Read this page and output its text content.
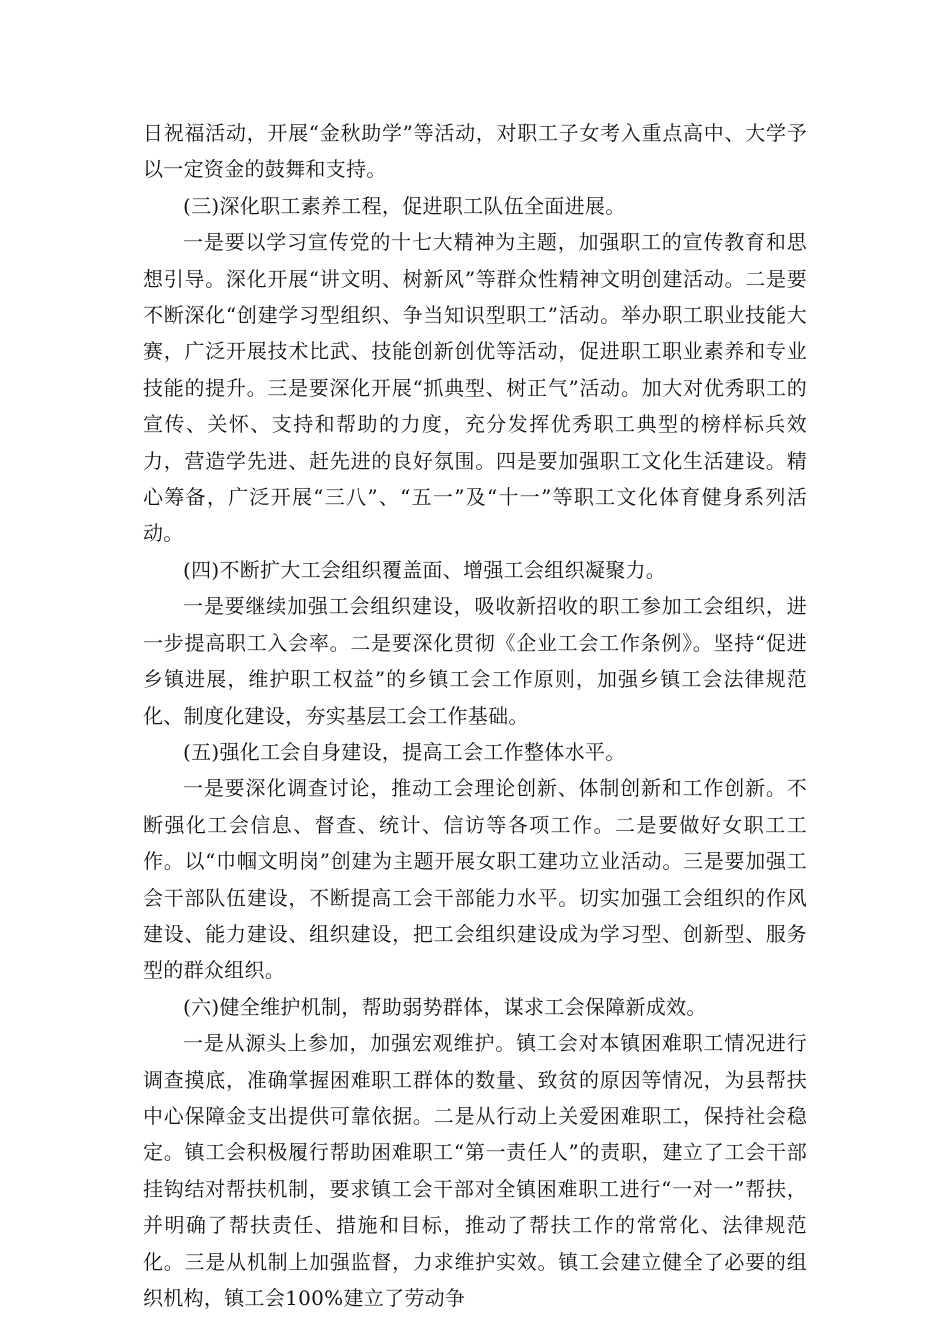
日祝福活动，开展“金秋助学”等活动，对职工子女考入重点高中、大学予以一定资金的鼓舞和支持。

(三)深化职工素养工程，促进职工队伍全面进展。

一是要以学习宣传党的十七大精神为主题，加强职工的宣传教育和思想引导。深化开展“讲文明、树新风”等群众性精神文明创建活动。二是要不断深化“创建学习型组织、争当知识型职工”活动。举办职工职业技能大赛，广泛开展技术比武、技能创新创优等活动，促进职工职业素养和专业技能的提升。三是要深化开展“抓典型、树正气”活动。加大对优秀职工的宣传、关怀、支持和帮助的力度，充分发挥优秀职工典型的榜样标兵效力，营造学先进、赶先进的良好氛围。四是要加强职工文化生活建设。精心筹备，广泛开展“三八”、“五一”及“十一”等职工文化体育健身系列活动。

(四)不断扩大工会组织覆盖面、增强工会组织凝聚力。

一是要继续加强工会组织建设，吸收新招收的职工参加工会组织，进一步提高职工入会率。二是要深化贯彻《企业工会工作条例》。坚持“促进乡镇进展，维护职工权益”的乡镇工会工作原则，加强乡镇工会法律规范化、制度化建设，夯实基层工会工作基础。

(五)强化工会自身建设，提高工会工作整体水平。

一是要深化调查讨论，推动工会理论创新、体制创新和工作创新。不断强化工会信息、督查、统计、信访等各项工作。二是要做好女职工工作。以“巾帼文明岗”创建为主题开展女职工建功立业活动。三是要加强工会干部队伍建设，不断提高工会干部能力水平。切实加强工会组织的作风建设、能力建设、组织建设，把工会组织建设成为学习型、创新型、服务型的群众组织。

(六)健全维护机制，帮助弱势群体，谋求工会保障新成效。

一是从源头上参加，加强宏观维护。镇工会对本镇困难职工情况进行调查摸底，准确掌握困难职工群体的数量、致贫的原因等情况，为县帮扶中心保障金支出提供可靠依据。二是从行动上关爱困难职工，保持社会稳定。镇工会积极履行帮助困难职工“第一责任人”的责职，建立了工会干部挂钩结对帮扶机制，要求镇工会干部对全镇困难职工进行“一对一”帮扶，并明确了帮扶责任、措施和目标，推动了帮扶工作的常常化、法律规范化。三是从机制上加强监督，力求维护实效。镇工会建立健全了必要的组织机构，镇工会100%建立了劳动争
